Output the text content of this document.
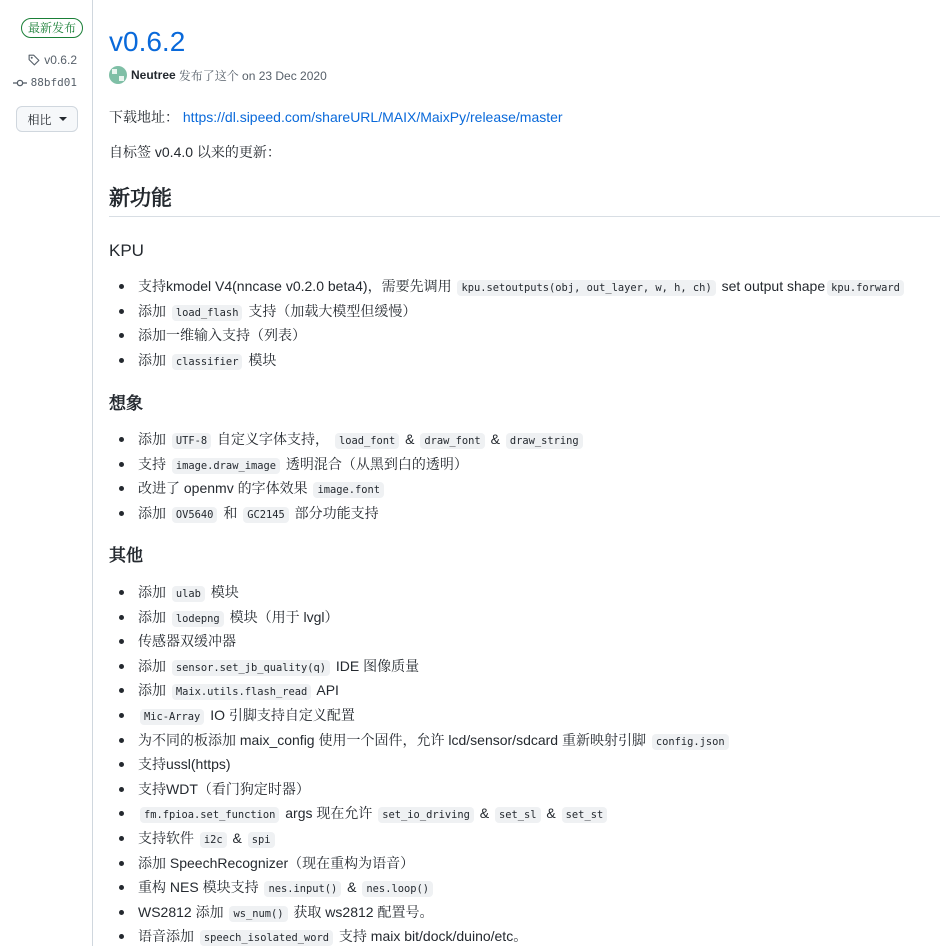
最新发布
v0.6.2
88bfd01
相比
v0.6.2
Neutree 发布了这个 on 23 Dec 2020

下载地址： https://dl.sipeed.com/shareURL/MAIX/MaixPy/release/master

自标签 v0.4.0 以来的更新：

新功能
KPU
支持kmodel V4(nncase v0.2.0 beta4)，需要先调用 kpu.setoutputs(obj, out_layer, w, h, ch) set output shape kpu.forward
添加 load_flash 支持（加载大模型但缓慢）
添加一维输入支持（列表）
添加 classifier 模块
想象
添加 UTF-8 自定义字体支持， load_font & draw_font & draw_string
支持 image.draw_image 透明混合（从黑到白的透明）
改进了 openmv 的字体效果 image.font
添加 OV5640 和 GC2145 部分功能支持
其他
添加 ulab 模块
添加 lodepng 模块（用于 lvgl）
传感器双缓冲器
添加 sensor.set_jb_quality(q) IDE 图像质量
添加 Maix.utils.flash_read API
Mic-Array IO 引脚支持自定义配置
为不同的板添加 maix_config 使用一个固件，允许 lcd/sensor/sdcard 重新映射引脚 config.json
支持ussl(https)
支持WDT（看门狗定时器）
fm.fpioa.set_function args 现在允许 set_io_driving & set_sl & set_st
支持软件 i2c & spi
添加 SpeechRecognizer（现在重构为语音）
重构 NES 模块支持 nes.input() & nes.loop()
WS2812 添加 ws_num() 获取 ws2812 配置号。
语音添加 speech_isolated_word 支持 maix bit/dock/duino/etc。
